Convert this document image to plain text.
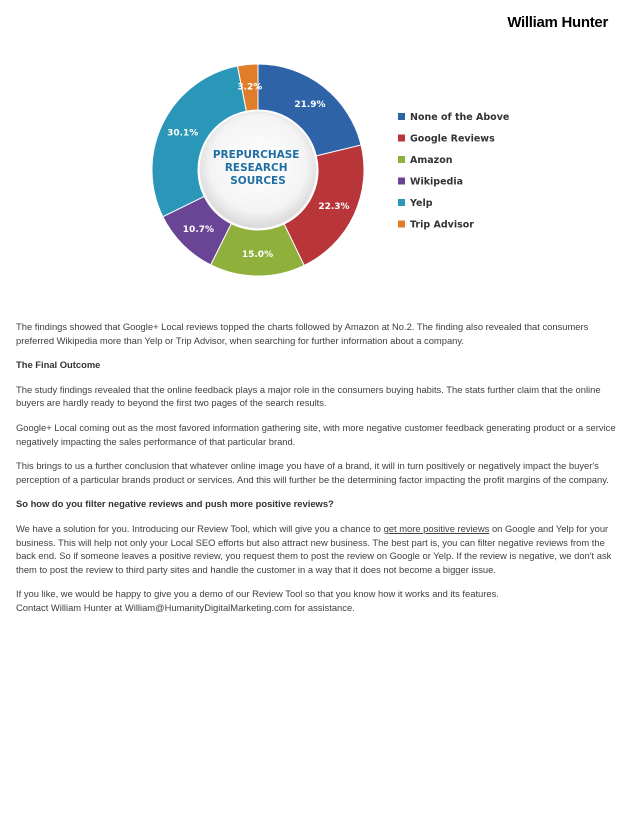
William Hunter
PREPURCHASE RESEARCH SOURCES
21.9%
22.3%
15.0%
10.7%
30.1%
3.2%
None of the Above
Google Reviews
Amazon
Wikipedia
Yelp
Trip Advisor

The findings showed that Google+ Local reviews topped the charts followed by Amazon at No.2. The finding also revealed that consumers preferred Wikipedia more than Yelp or Trip Advisor, when searching for further information about a company.

The Final Outcome

The study findings revealed that the online feedback plays a major role in the consumers buying habits. The stats further claim that the online buyers are hardly ready to beyond the first two pages of the search results.

Google+ Local coming out as the most favored information gathering site, with more negative customer feedback generating product or a service negatively impacting the sales performance of that particular brand.

This brings to us a further conclusion that whatever online image you have of a brand, it will in turn positively or negatively impact the buyer's perception of a particular brands product or services. And this will further be the determining factor impacting the profit margins of the company.

So how do you filter negative reviews and push more positive reviews?

We have a solution for you. Introducing our Review Tool, which will give you a chance to get more positive reviews on Google and Yelp for your business. This will help not only your Local SEO efforts but also attract new business. The best part is, you can filter negative reviews from the back end. So if someone leaves a positive review, you request them to post the review on Google or Yelp. If the review is negative, we don't ask them to post the review to third party sites and handle the customer in a way that it does not become a bigger issue.

If you like, we would be happy to give you a demo of our Review Tool so that you know how it works and its features.
Contact William Hunter at William@HumanityDigitalMarketing.com for assistance.
